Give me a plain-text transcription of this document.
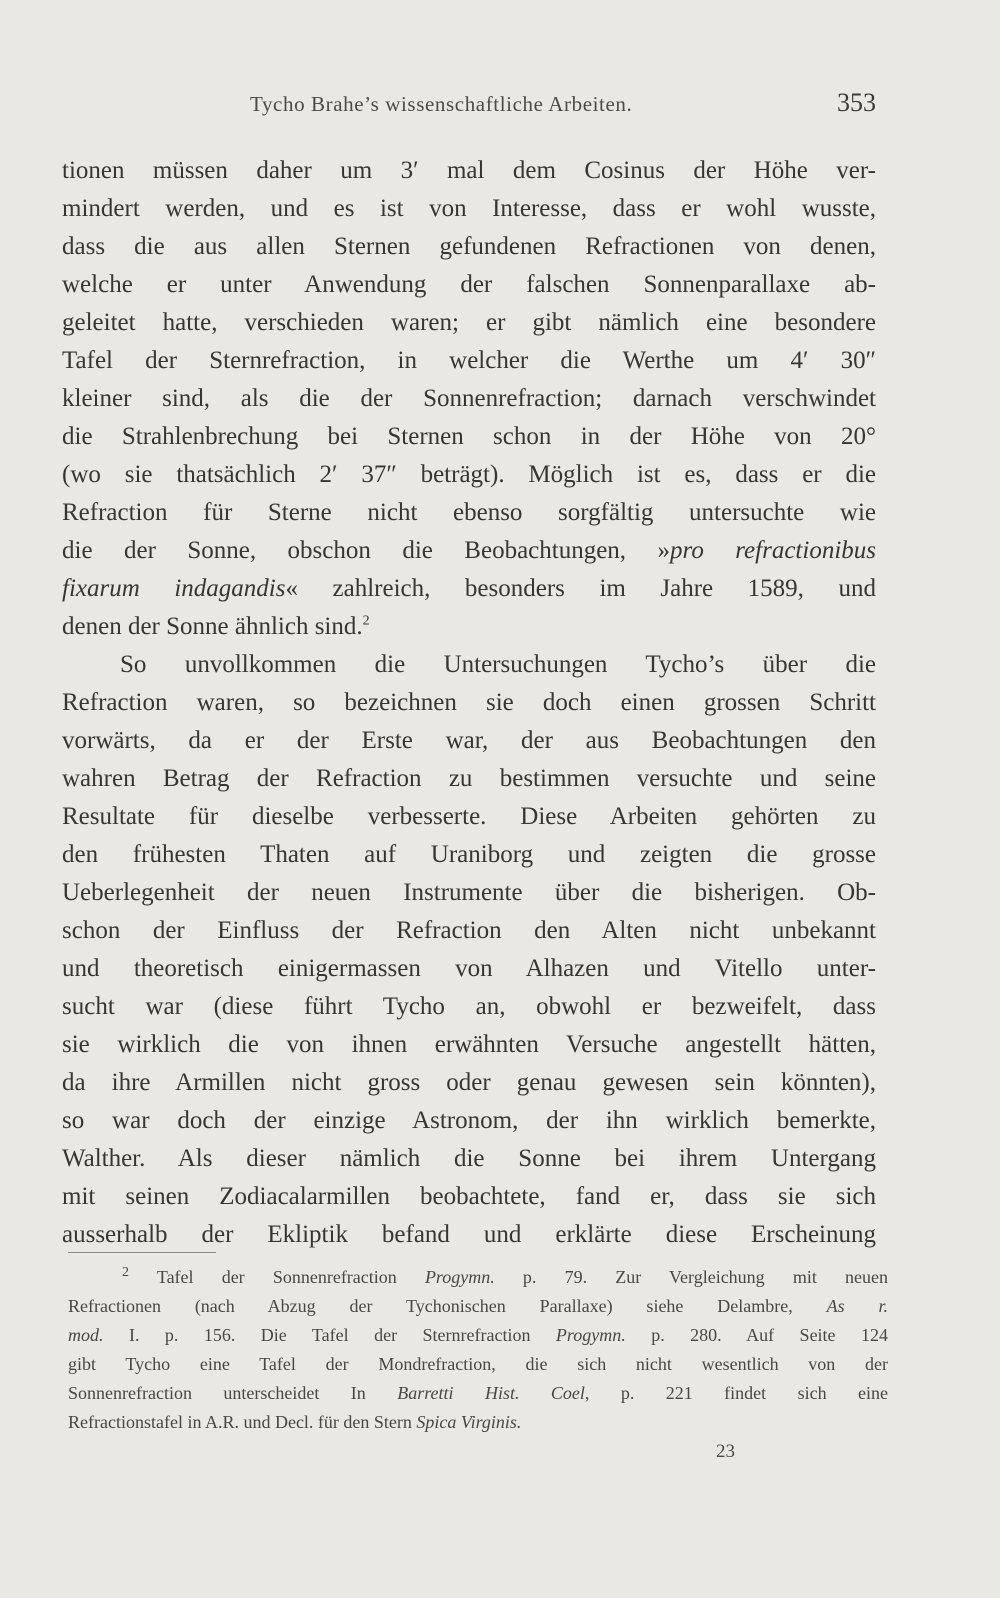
Tycho Brahe’s wissenschaftliche Arbeiten.	353
tionen müssen daher um 3′ mal dem Cosinus der Höhe ver-
mindert werden, und es ist von Interesse, dass er wohl wusste,
dass die aus allen Sternen gefundenen Refractionen von denen,
welche er unter Anwendung der falschen Sonnenparallaxe ab-
geleitet hatte, verschieden waren; er gibt nämlich eine besondere
Tafel der Sternrefraction, in welcher die Werthe um 4′ 30″
kleiner sind, als die der Sonnenrefraction; darnach verschwindet
die Strahlenbrechung bei Sternen schon in der Höhe von 20°
(wo sie thatsächlich 2′ 37″ beträgt). Möglich ist es, dass er die
Refraction für Sterne nicht ebenso sorgfältig untersuchte wie
die der Sonne, obschon die Beobachtungen, »pro refractionibus
fixarum indagandis« zahlreich, besonders im Jahre 1589, und
denen der Sonne ähnlich sind.$^2$
So unvollkommen die Untersuchungen Tycho’s über die
Refraction waren, so bezeichnen sie doch einen grossen Schritt
vorwärts, da er der Erste war, der aus Beobachtungen den
wahren Betrag der Refraction zu bestimmen versuchte und seine
Resultate für dieselbe verbesserte. Diese Arbeiten gehörten zu
den frühesten Thaten auf Uraniborg und zeigten die grosse
Ueberlegenheit der neuen Instrumente über die bisherigen. Ob-
schon der Einfluss der Refraction den Alten nicht unbekannt
und theoretisch einigermassen von Alhazen und Vitello unter-
sucht war (diese führt Tycho an, obwohl er bezweifelt, dass
sie wirklich die von ihnen erwähnten Versuche angestellt hätten,
da ihre Armillen nicht gross oder genau gewesen sein könnten),
so war doch der einzige Astronom, der ihn wirklich bemerkte,
Walther. Als dieser nämlich die Sonne bei ihrem Untergang
mit seinen Zodiacalarmillen beobachtete, fand er, dass sie sich
ausserhalb der Ekliptik befand und erklärte diese Erscheinung
$^2$ Tafel der Sonnenrefraction Progymn. p. 79. Zur Vergleichung mit neuen
Refractionen (nach Abzug der Tychonischen Parallaxe) siehe Delambre, As r.
mod. I. p. 156. Die Tafel der Sternrefraction Progymn. p. 280. Auf Seite 124
gibt Tycho eine Tafel der Mondrefraction, die sich nicht wesentlich von der
Sonnenrefraction unterscheidet In Barretti Hist. Coel, p. 221 findet sich eine
Refractionstafel in A.R. und Decl. für den Stern Spica Virginis.
23
